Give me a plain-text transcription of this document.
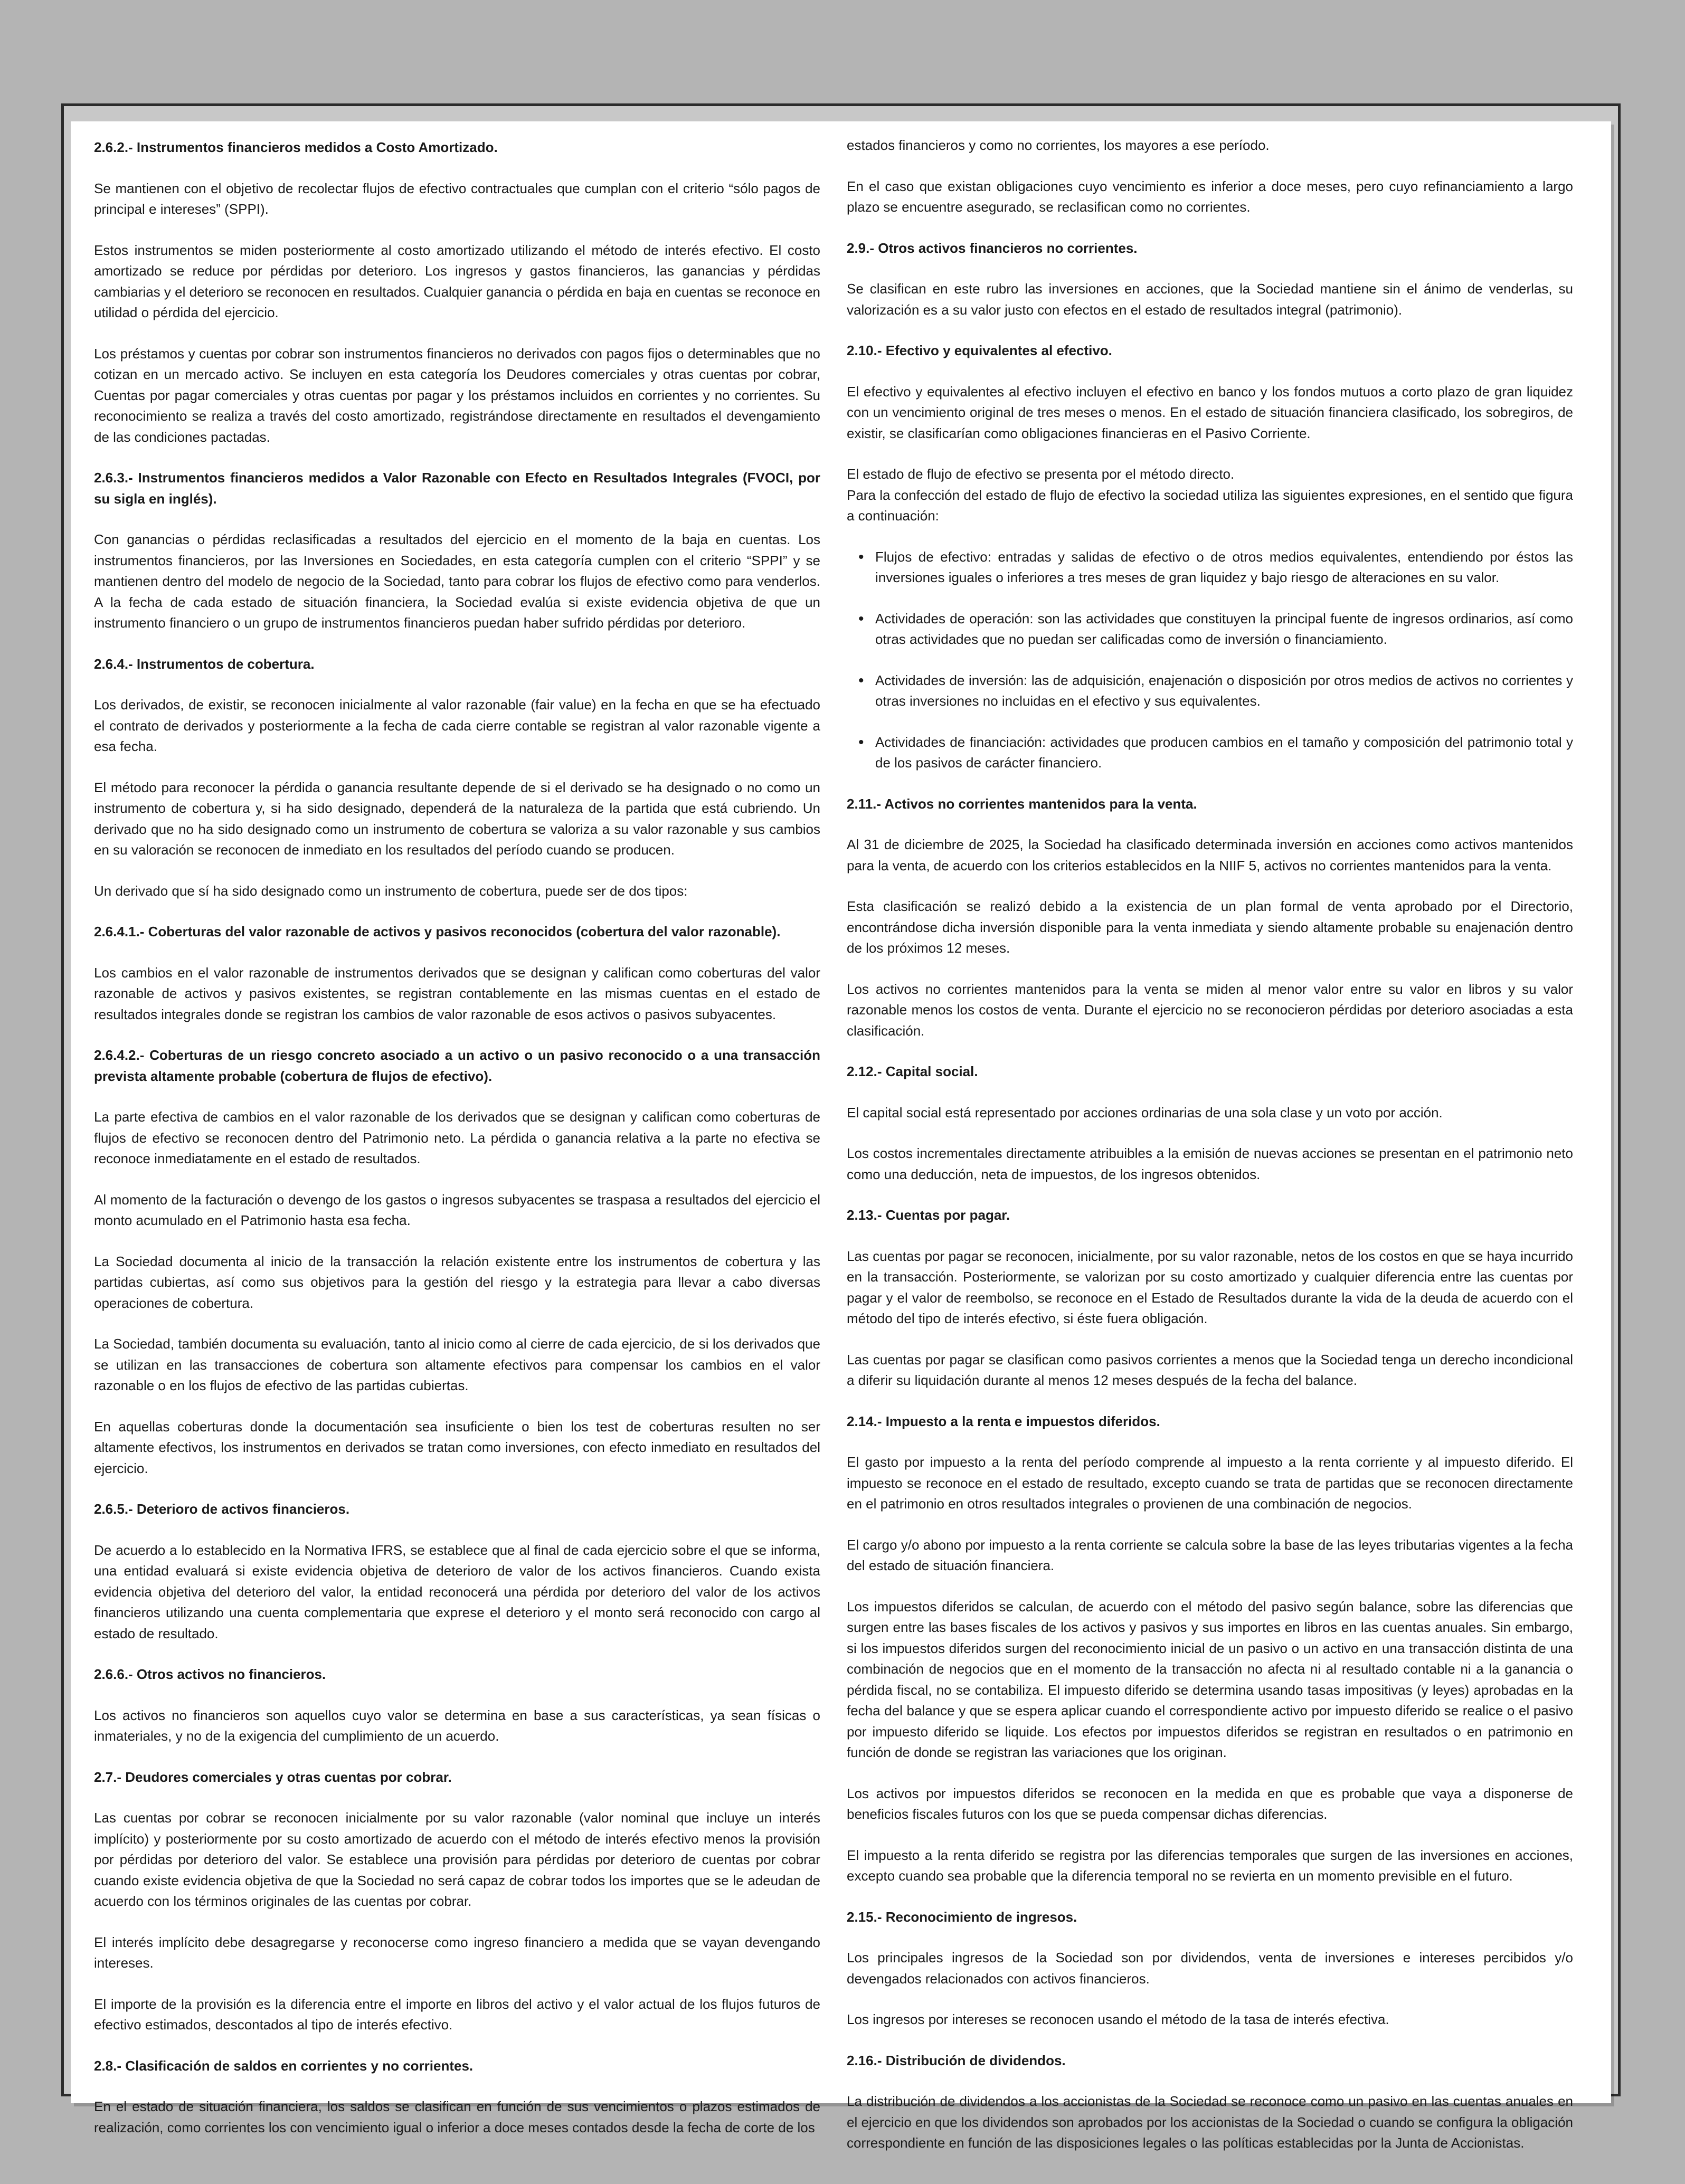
2.6.2.- Instrumentos financieros medidos a Costo Amortizado.

Se mantienen con el objetivo de recolectar flujos de efectivo contractuales que cumplan con el criterio “sólo pagos de principal e intereses” (SPPI).

Estos instrumentos se miden posteriormente al costo amortizado utilizando el método de interés efectivo. El costo amortizado se reduce por pérdidas por deterioro. Los ingresos y gastos financieros, las ganancias y pérdidas cambiarias y el deterioro se reconocen en resultados. Cualquier ganancia o pérdida en baja en cuentas se reconoce en utilidad o pérdida del ejercicio.

Los préstamos y cuentas por cobrar son instrumentos financieros no derivados con pagos fijos o determinables que no cotizan en un mercado activo. Se incluyen en esta categoría los Deudores comerciales y otras cuentas por cobrar, Cuentas por pagar comerciales y otras cuentas por pagar y los préstamos incluidos en corrientes y no corrientes. Su reconocimiento se realiza a través del costo amortizado, registrándose directamente en resultados el devengamiento de las condiciones pactadas.

2.6.3.- Instrumentos financieros medidos a Valor Razonable con Efecto en Resultados Integrales (FVOCI, por su sigla en inglés).

Con ganancias o pérdidas reclasificadas a resultados del ejercicio en el momento de la baja en cuentas. Los instrumentos financieros, por las Inversiones en Sociedades, en esta categoría cumplen con el criterio “SPPI” y se mantienen dentro del modelo de negocio de la Sociedad, tanto para cobrar los flujos de efectivo como para venderlos. A la fecha de cada estado de situación financiera, la Sociedad evalúa si existe evidencia objetiva de que un instrumento financiero o un grupo de instrumentos financieros puedan haber sufrido pérdidas por deterioro.

2.6.4.- Instrumentos de cobertura.

Los derivados, de existir, se reconocen inicialmente al valor razonable (fair value) en la fecha en que se ha efectuado el contrato de derivados y posteriormente a la fecha de cada cierre contable se registran al valor razonable vigente a esa fecha.

El método para reconocer la pérdida o ganancia resultante depende de si el derivado se ha designado o no como un instrumento de cobertura y, si ha sido designado, dependerá de la naturaleza de la partida que está cubriendo. Un derivado que no ha sido designado como un instrumento de cobertura se valoriza a su valor razonable y sus cambios en su valoración se reconocen de inmediato en los resultados del período cuando se producen.

Un derivado que sí ha sido designado como un instrumento de cobertura, puede ser de dos tipos:

2.6.4.1.- Coberturas del valor razonable de activos y pasivos reconocidos (cobertura del valor razonable).

Los cambios en el valor razonable de instrumentos derivados que se designan y califican como coberturas del valor razonable de activos y pasivos existentes, se registran contablemente en las mismas cuentas en el estado de resultados integrales donde se registran los cambios de valor razonable de esos activos o pasivos subyacentes.

2.6.4.2.- Coberturas de un riesgo concreto asociado a un activo o un pasivo reconocido o a una transacción prevista altamente probable (cobertura de flujos de efectivo).

La parte efectiva de cambios en el valor razonable de los derivados que se designan y califican como coberturas de flujos de efectivo se reconocen dentro del Patrimonio neto. La pérdida o ganancia relativa a la parte no efectiva se reconoce inmediatamente en el estado de resultados.

Al momento de la facturación o devengo de los gastos o ingresos subyacentes se traspasa a resultados del ejercicio el monto acumulado en el Patrimonio hasta esa fecha.

La Sociedad documenta al inicio de la transacción la relación existente entre los instrumentos de cobertura y las partidas cubiertas, así como sus objetivos para la gestión del riesgo y la estrategia para llevar a cabo diversas operaciones de cobertura.

La Sociedad, también documenta su evaluación, tanto al inicio como al cierre de cada ejercicio, de si los derivados que se utilizan en las transacciones de cobertura son altamente efectivos para compensar los cambios en el valor razonable o en los flujos de efectivo de las partidas cubiertas.

En aquellas coberturas donde la documentación sea insuficiente o bien los test de coberturas resulten no ser altamente efectivos, los instrumentos en derivados se tratan como inversiones, con efecto inmediato en resultados del ejercicio.

2.6.5.- Deterioro de activos financieros.

De acuerdo a lo establecido en la Normativa IFRS, se establece que al final de cada ejercicio sobre el que se informa, una entidad evaluará si existe evidencia objetiva de deterioro de valor de los activos financieros. Cuando exista evidencia objetiva del deterioro del valor, la entidad reconocerá una pérdida por deterioro del valor de los activos financieros utilizando una cuenta complementaria que exprese el deterioro y el monto será reconocido con cargo al estado de resultado.

2.6.6.- Otros activos no financieros.

Los activos no financieros son aquellos cuyo valor se determina en base a sus características, ya sean físicas o inmateriales, y no de la exigencia del cumplimiento de un acuerdo.

2.7.- Deudores comerciales y otras cuentas por cobrar.

Las cuentas por cobrar se reconocen inicialmente por su valor razonable (valor nominal que incluye un interés implícito) y posteriormente por su costo amortizado de acuerdo con el método de interés efectivo menos la provisión por pérdidas por deterioro del valor. Se establece una provisión para pérdidas por deterioro de cuentas por cobrar cuando existe evidencia objetiva de que la Sociedad no será capaz de cobrar todos los importes que se le adeudan de acuerdo con los términos originales de las cuentas por cobrar.

El interés implícito debe desagregarse y reconocerse como ingreso financiero a medida que se vayan devengando intereses.

El importe de la provisión es la diferencia entre el importe en libros del activo y el valor actual de los flujos futuros de efectivo estimados, descontados al tipo de interés efectivo.

2.8.- Clasificación de saldos en corrientes y no corrientes.

En el estado de situación financiera, los saldos se clasifican en función de sus vencimientos o plazos estimados de realización, como corrientes los con vencimiento igual o inferior a doce meses contados desde la fecha de corte de los

estados financieros y como no corrientes, los mayores a ese período.

En el caso que existan obligaciones cuyo vencimiento es inferior a doce meses, pero cuyo refinanciamiento a largo plazo se encuentre asegurado, se reclasifican como no corrientes.

2.9.- Otros activos financieros no corrientes.

Se clasifican en este rubro las inversiones en acciones, que la Sociedad mantiene sin el ánimo de venderlas, su valorización es a su valor justo con efectos en el estado de resultados integral (patrimonio).

2.10.- Efectivo y equivalentes al efectivo.

El efectivo y equivalentes al efectivo incluyen el efectivo en banco y los fondos mutuos a corto plazo de gran liquidez con un vencimiento original de tres meses o menos. En el estado de situación financiera clasificado, los sobregiros, de existir, se clasificarían como obligaciones financieras en el Pasivo Corriente.

El estado de flujo de efectivo se presenta por el método directo.

Para la confección del estado de flujo de efectivo la sociedad utiliza las siguientes expresiones, en el sentido que figura a continuación:

• Flujos de efectivo: entradas y salidas de efectivo o de otros medios equivalentes, entendiendo por éstos las inversiones iguales o inferiores a tres meses de gran liquidez y bajo riesgo de alteraciones en su valor.
• Actividades de operación: son las actividades que constituyen la principal fuente de ingresos ordinarios, así como otras actividades que no puedan ser calificadas como de inversión o financiamiento.
• Actividades de inversión: las de adquisición, enajenación o disposición por otros medios de activos no corrientes y otras inversiones no incluidas en el efectivo y sus equivalentes.
• Actividades de financiación: actividades que producen cambios en el tamaño y composición del patrimonio total y de los pasivos de carácter financiero.
2.11.- Activos no corrientes mantenidos para la venta.

Al 31 de diciembre de 2025, la Sociedad ha clasificado determinada inversión en acciones como activos mantenidos para la venta, de acuerdo con los criterios establecidos en la NIIF 5, activos no corrientes mantenidos para la venta.

Esta clasificación se realizó debido a la existencia de un plan formal de venta aprobado por el Directorio, encontrándose dicha inversión disponible para la venta inmediata y siendo altamente probable su enajenación dentro de los próximos 12 meses.

Los activos no corrientes mantenidos para la venta se miden al menor valor entre su valor en libros y su valor razonable menos los costos de venta. Durante el ejercicio no se reconocieron pérdidas por deterioro asociadas a esta clasificación.

2.12.- Capital social.

El capital social está representado por acciones ordinarias de una sola clase y un voto por acción.

Los costos incrementales directamente atribuibles a la emisión de nuevas acciones se presentan en el patrimonio neto como una deducción, neta de impuestos, de los ingresos obtenidos.

2.13.- Cuentas por pagar.

Las cuentas por pagar se reconocen, inicialmente, por su valor razonable, netos de los costos en que se haya incurrido en la transacción. Posteriormente, se valorizan por su costo amortizado y cualquier diferencia entre las cuentas por pagar y el valor de reembolso, se reconoce en el Estado de Resultados durante la vida de la deuda de acuerdo con el método del tipo de interés efectivo, si éste fuera obligación.

Las cuentas por pagar se clasifican como pasivos corrientes a menos que la Sociedad tenga un derecho incondicional a diferir su liquidación durante al menos 12 meses después de la fecha del balance.

2.14.- Impuesto a la renta e impuestos diferidos.

El gasto por impuesto a la renta del período comprende al impuesto a la renta corriente y al impuesto diferido. El impuesto se reconoce en el estado de resultado, excepto cuando se trata de partidas que se reconocen directamente en el patrimonio en otros resultados integrales o provienen de una combinación de negocios.

El cargo y/o abono por impuesto a la renta corriente se calcula sobre la base de las leyes tributarias vigentes a la fecha del estado de situación financiera.

Los impuestos diferidos se calculan, de acuerdo con el método del pasivo según balance, sobre las diferencias que surgen entre las bases fiscales de los activos y pasivos y sus importes en libros en las cuentas anuales. Sin embargo, si los impuestos diferidos surgen del reconocimiento inicial de un pasivo o un activo en una transacción distinta de una combinación de negocios que en el momento de la transacción no afecta ni al resultado contable ni a la ganancia o pérdida fiscal, no se contabiliza. El impuesto diferido se determina usando tasas impositivas (y leyes) aprobadas en la fecha del balance y que se espera aplicar cuando el correspondiente activo por impuesto diferido se realice o el pasivo por impuesto diferido se liquide. Los efectos por impuestos diferidos se registran en resultados o en patrimonio en función de donde se registran las variaciones que los originan.

Los activos por impuestos diferidos se reconocen en la medida en que es probable que vaya a disponerse de beneficios fiscales futuros con los que se pueda compensar dichas diferencias.

El impuesto a la renta diferido se registra por las diferencias temporales que surgen de las inversiones en acciones, excepto cuando sea probable que la diferencia temporal no se revierta en un momento previsible en el futuro.

2.15.- Reconocimiento de ingresos.

Los principales ingresos de la Sociedad son por dividendos, venta de inversiones e intereses percibidos y/o devengados relacionados con activos financieros.

Los ingresos por intereses se reconocen usando el método de la tasa de interés efectiva.

2.16.- Distribución de dividendos.

La distribución de dividendos a los accionistas de la Sociedad se reconoce como un pasivo en las cuentas anuales en el ejercicio en que los dividendos son aprobados por los accionistas de la Sociedad o cuando se configura la obligación correspondiente en función de las disposiciones legales o las políticas establecidas por la Junta de Accionistas.
